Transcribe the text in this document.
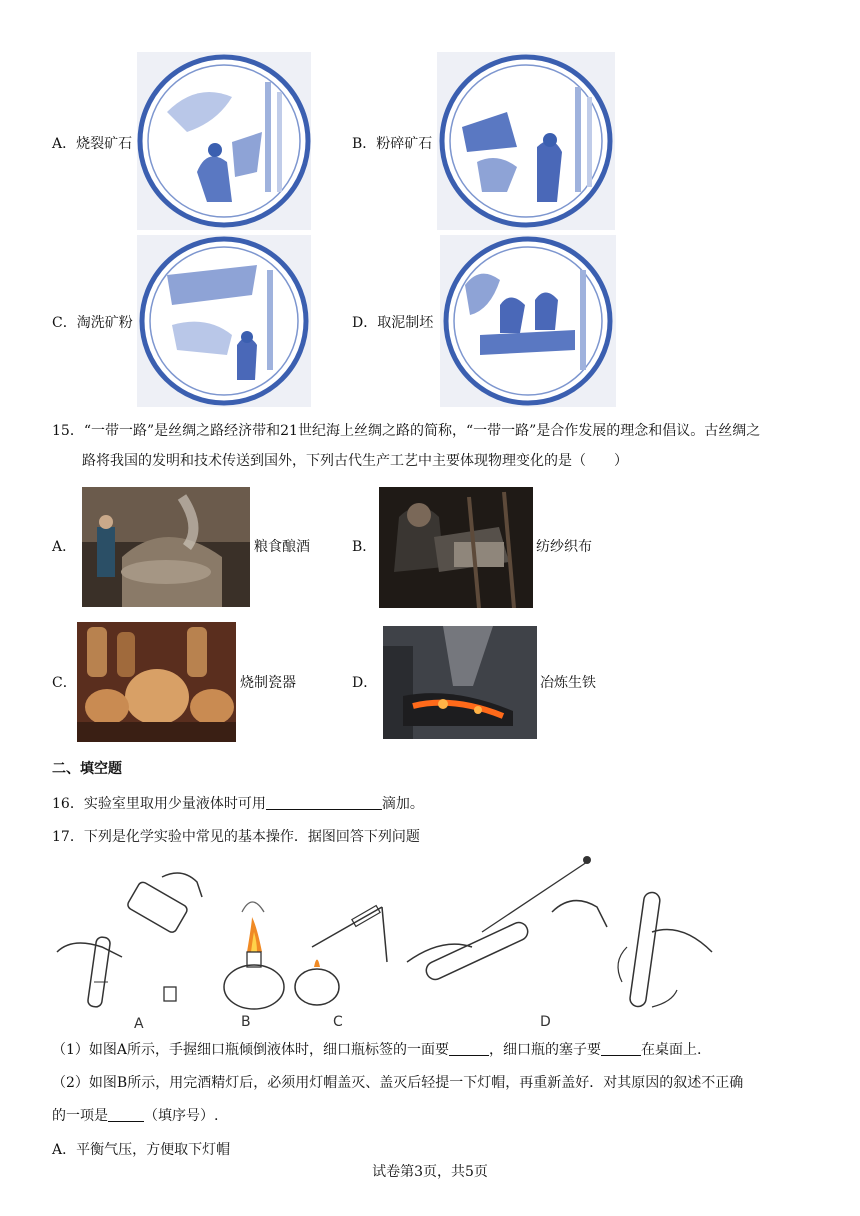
A．烧裂矿石	B．粉碎矿石
C．淘洗矿粉	D．取泥制坯
15．“一带一路”是丝绸之路经济带和21世纪海上丝绸之路的简称，“一带一路”是合作发展的理念和倡议。古丝绸之
路将我国的发明和技术传送到国外，下列古代生产工艺中主要体现物理变化的是（　　）
A．	粮食酿酒	B．	纺纱织布
C．	烧制瓷器	D．	冶炼生铁
二、填空题
16．实验室里取用少量液体时可用	滴加。
17．下列是化学实验中常见的基本操作．据图回答下列问题
A	B	C	D
（1）如图A所示，手握细口瓶倾倒液体时，细口瓶标签的一面要	，细口瓶的塞子要	在桌面上.
（2）如图B所示，用完酒精灯后，必须用灯帽盖灭、盖灭后轻提一下灯帽，再重新盖好．对其原因的叙述不正确
的一项是	（填序号）.
A．平衡气压，方便取下灯帽
试卷第3页，共5页
